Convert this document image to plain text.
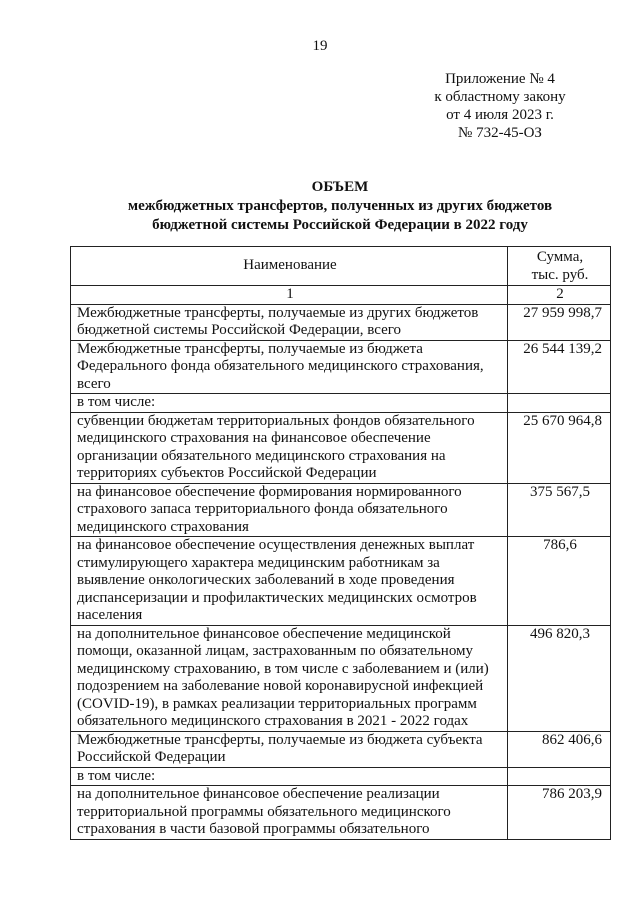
19
Приложение № 4
к областному закону
от 4 июля 2023 г.
№ 732-45-ОЗ
ОБЪЕМ
межбюджетных трансфертов, полученных из других бюджетов
бюджетной системы Российской Федерации в 2022 году
Наименование	Сумма,
тыс. руб.

1	2
Межбюджетные трансферты, получаемые из других бюджетов бюджетной системы Российской Федерации, всего	27 959 998,7
Межбюджетные трансферты, получаемые из бюджета Федерального фонда обязательного медицинского страхования, всего	26 544 139,2
в том числе:	
субвенции бюджетам территориальных фондов обязательного медицинского страхования на финансовое обеспечение организации обязательного медицинского страхования на территориях субъектов Российской Федерации	25 670 964,8
на финансовое обеспечение формирования нормированного страхового запаса территориального фонда обязательного медицинского страхования	375 567,5
на финансовое обеспечение осуществления денежных выплат стимулирующего характера медицинским работникам за выявление онкологических заболеваний в ходе проведения диспансеризации и профилактических медицинских осмотров населения	786,6
на дополнительное финансовое обеспечение медицинской помощи, оказанной лицам, застрахованным по обязательному медицинскому страхованию, в том числе с заболеванием и (или) подозрением на заболевание новой коронавирусной инфекцией (COVID-19), в рамках реализации территориальных программ обязательного медицинского страхования в 2021 - 2022 годах	496 820,3
Межбюджетные трансферты, получаемые из бюджета субъекта Российской Федерации	862 406,6
в том числе:	
на дополнительное финансовое обеспечение реализации территориальной программы обязательного медицинского страхования в части базовой программы обязательного	786 203,9
